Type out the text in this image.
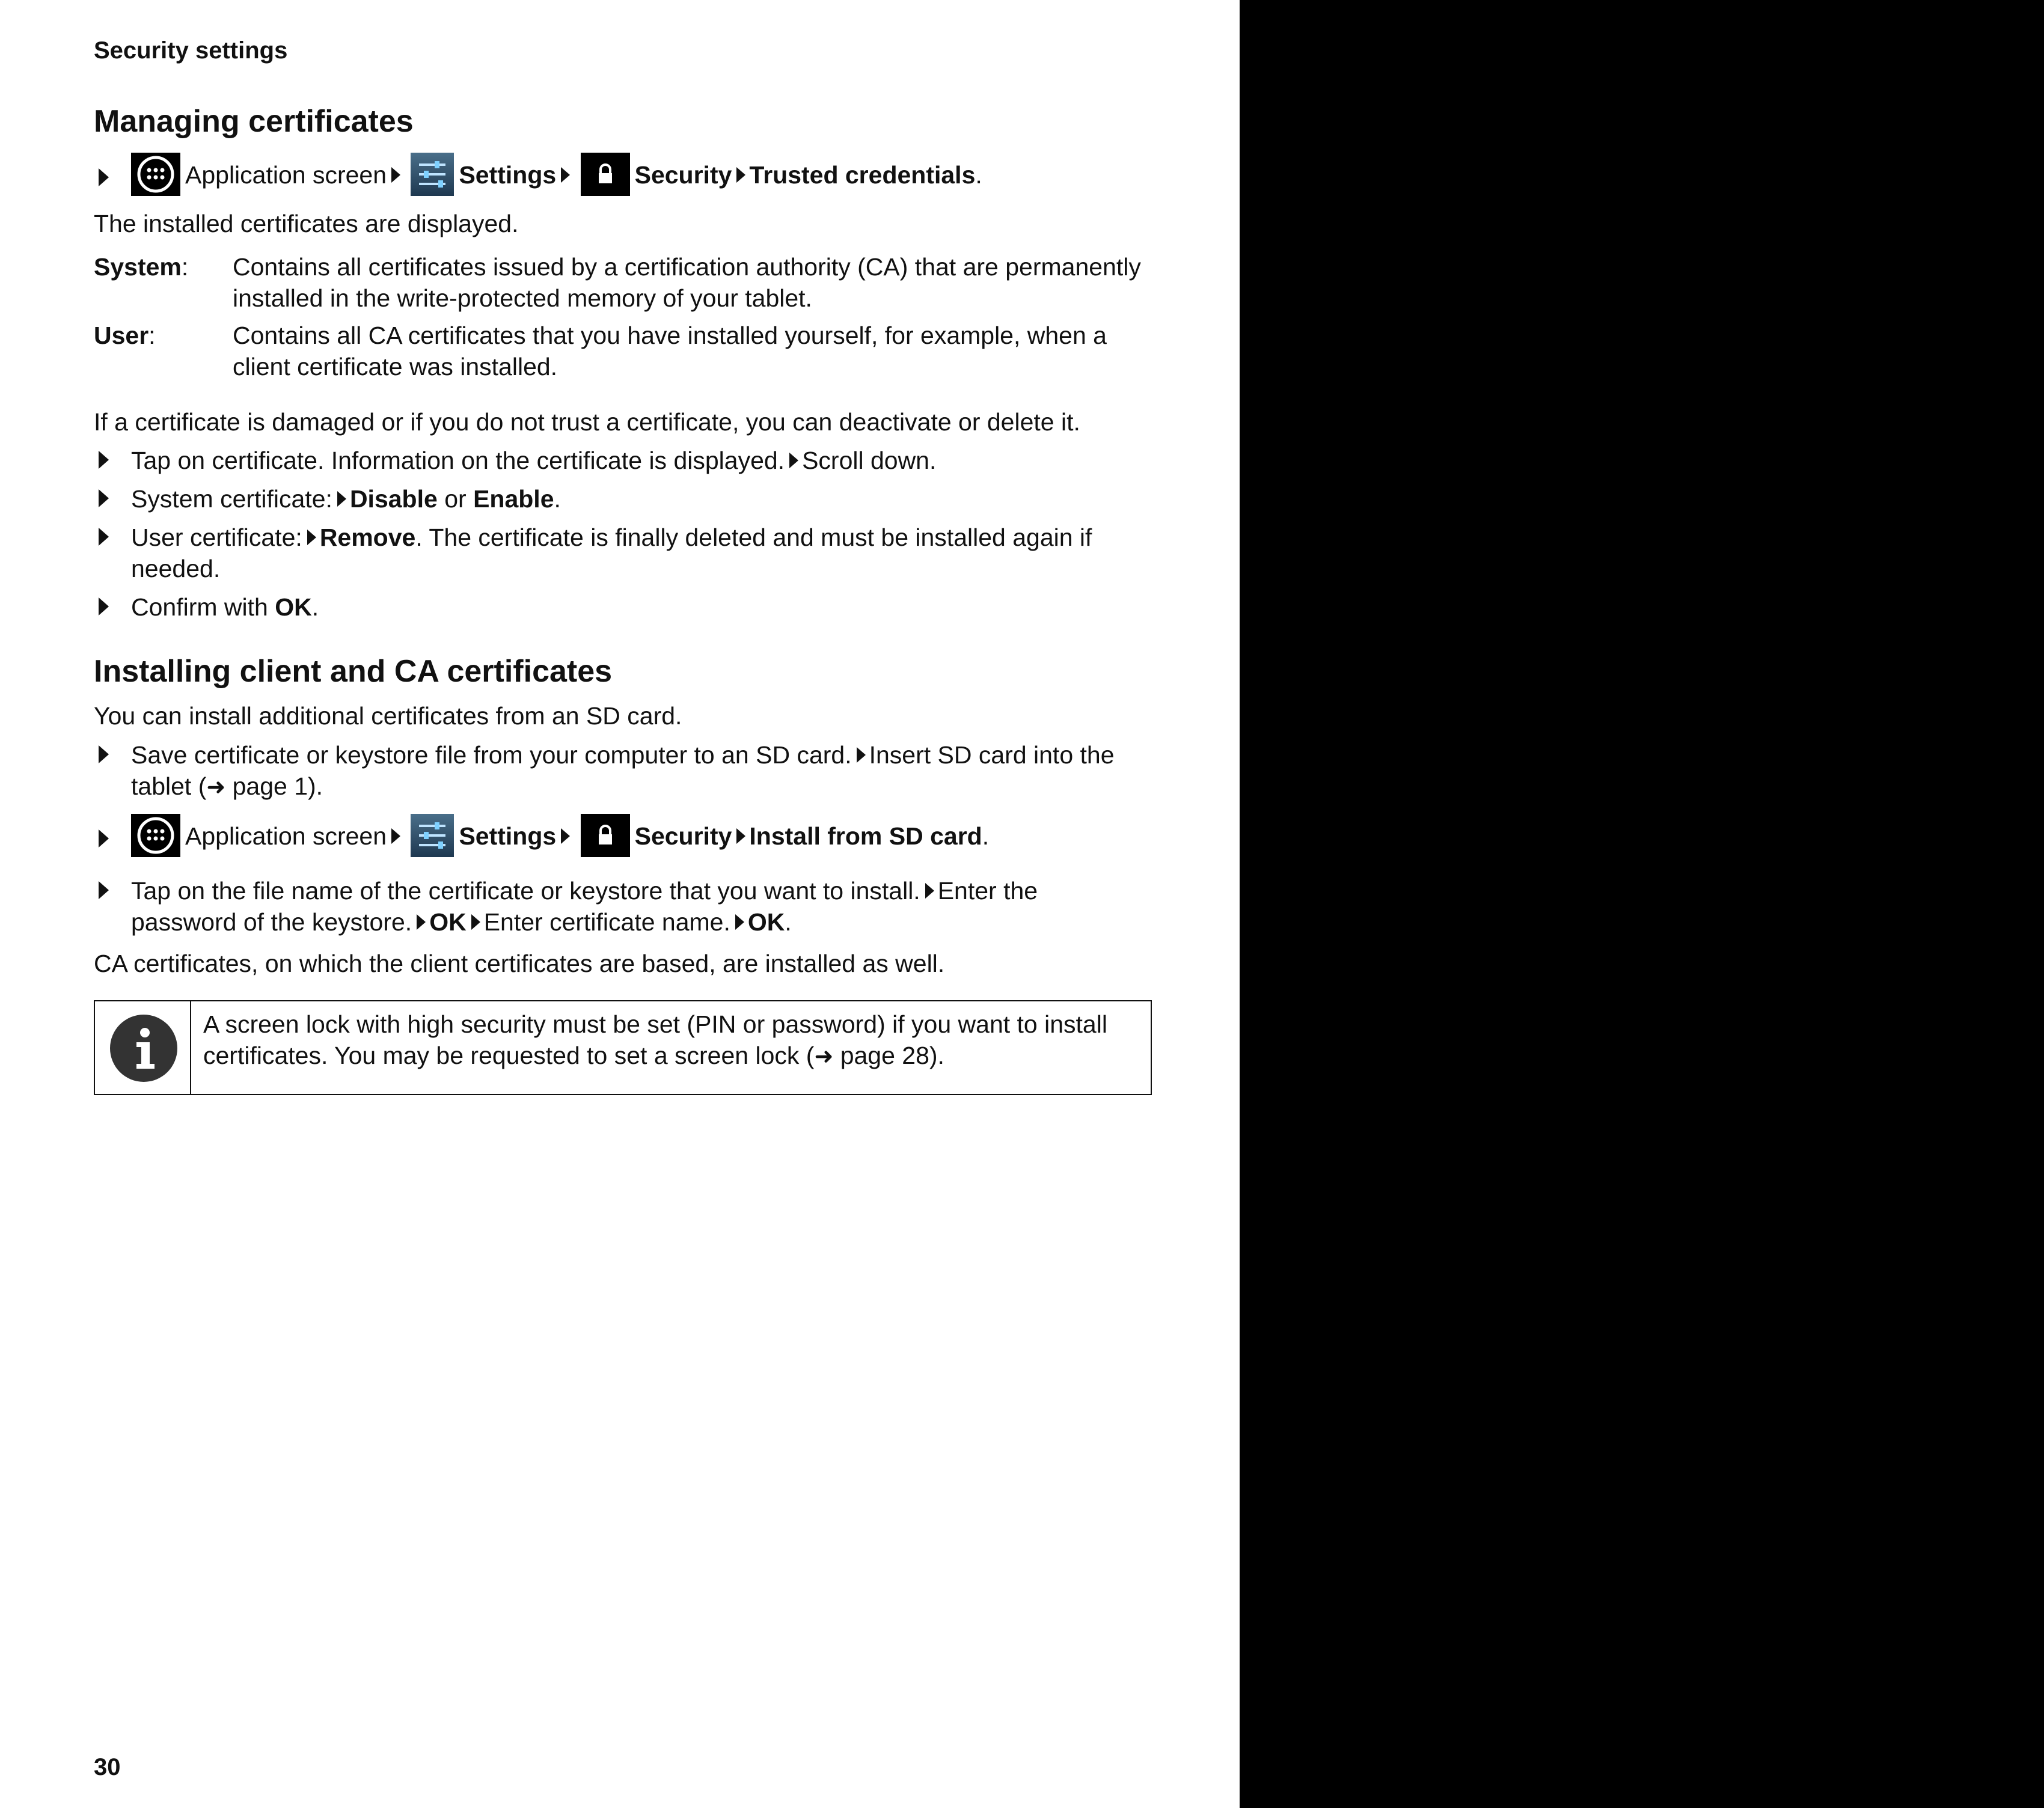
Security settings
Managing certificates
Application screen	Settings	Security Trusted credentials.
The installed certificates are displayed.
System: Contains all certificates issued by a certification authority (CA) that are permanently
installed in the write-protected memory of your tablet.
User:	Contains all CA certificates that you have installed yourself, for example, when a
client certificate was installed.
If a certificate is damaged or if you do not trust a certificate, you can deactivate or delete it.
Tap on certificate. Information on the certificate is displayed. Scroll down.
System certificate: Disable or Enable.
User certificate: Remove. The certificate is finally deleted and must be installed again if
needed.
Confirm with OK.
Installing client and CA certificates
You can install additional certificates from an SD card.
Save certificate or keystore file from your computer to an SD card. Insert SD card into the
tablet (➜ page 1).
Application screen	Settings	Security Install from SD card.
Tap on the file name of the certificate or keystore that you want to install. Enter the
password of the keystore. OK Enter certificate name. OK.
CA certificates, on which the client certificates are based, are installed as well.
A screen lock with high security must be set (PIN or password) if you want to install
certificates. You may be requested to set a screen lock (➜ page 28).
30
